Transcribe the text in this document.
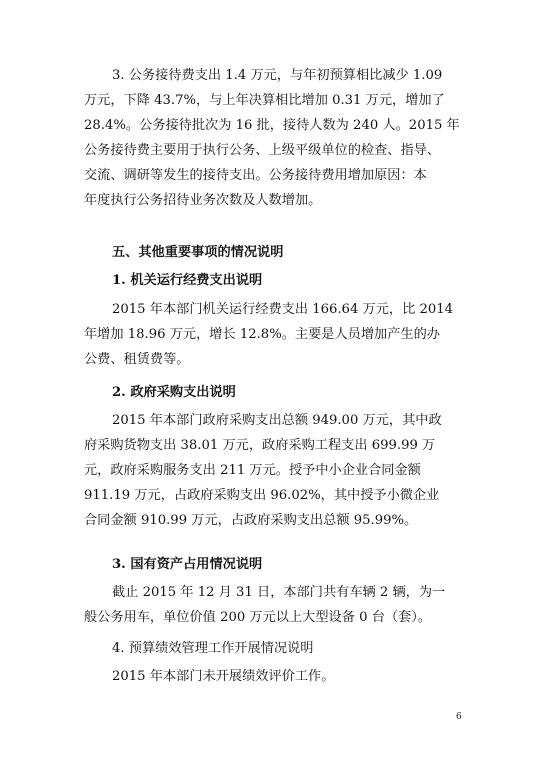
3. 公务接待费支出 1.4 万元，与年初预算相比减少 1.09
万元，下降 43.7%，与上年决算相比增加 0.31 万元，增加了
28.4%。公务接待批次为 16 批，接待人数为 240 人。2015 年
公务接待费主要用于执行公务、上级平级单位的检查、指导、
交流、调研等发生的接待支出。公务接待费用增加原因：本
年度执行公务招待业务次数及人数增加。
五、其他重要事项的情况说明
1. 机关运行经费支出说明
2015 年本部门机关运行经费支出 166.64 万元，比 2014
年增加 18.96 万元，增长 12.8%。主要是人员增加产生的办
公费、租赁费等。
2. 政府采购支出说明
2015 年本部门政府采购支出总额 949.00 万元，其中政
府采购货物支出 38.01 万元，政府采购工程支出 699.99 万
元，政府采购服务支出 211 万元。授予中小企业合同金额
911.19 万元，占政府采购支出 96.02%，其中授予小微企业
合同金额 910.99 万元，占政府采购支出总额 95.99%。
3. 国有资产占用情况说明
截止 2015 年 12 月 31 日，本部门共有车辆 2 辆，为一
般公务用车，单位价值 200 万元以上大型设备 0 台（套）。
4. 预算绩效管理工作开展情况说明
2015 年本部门未开展绩效评价工作。
6
